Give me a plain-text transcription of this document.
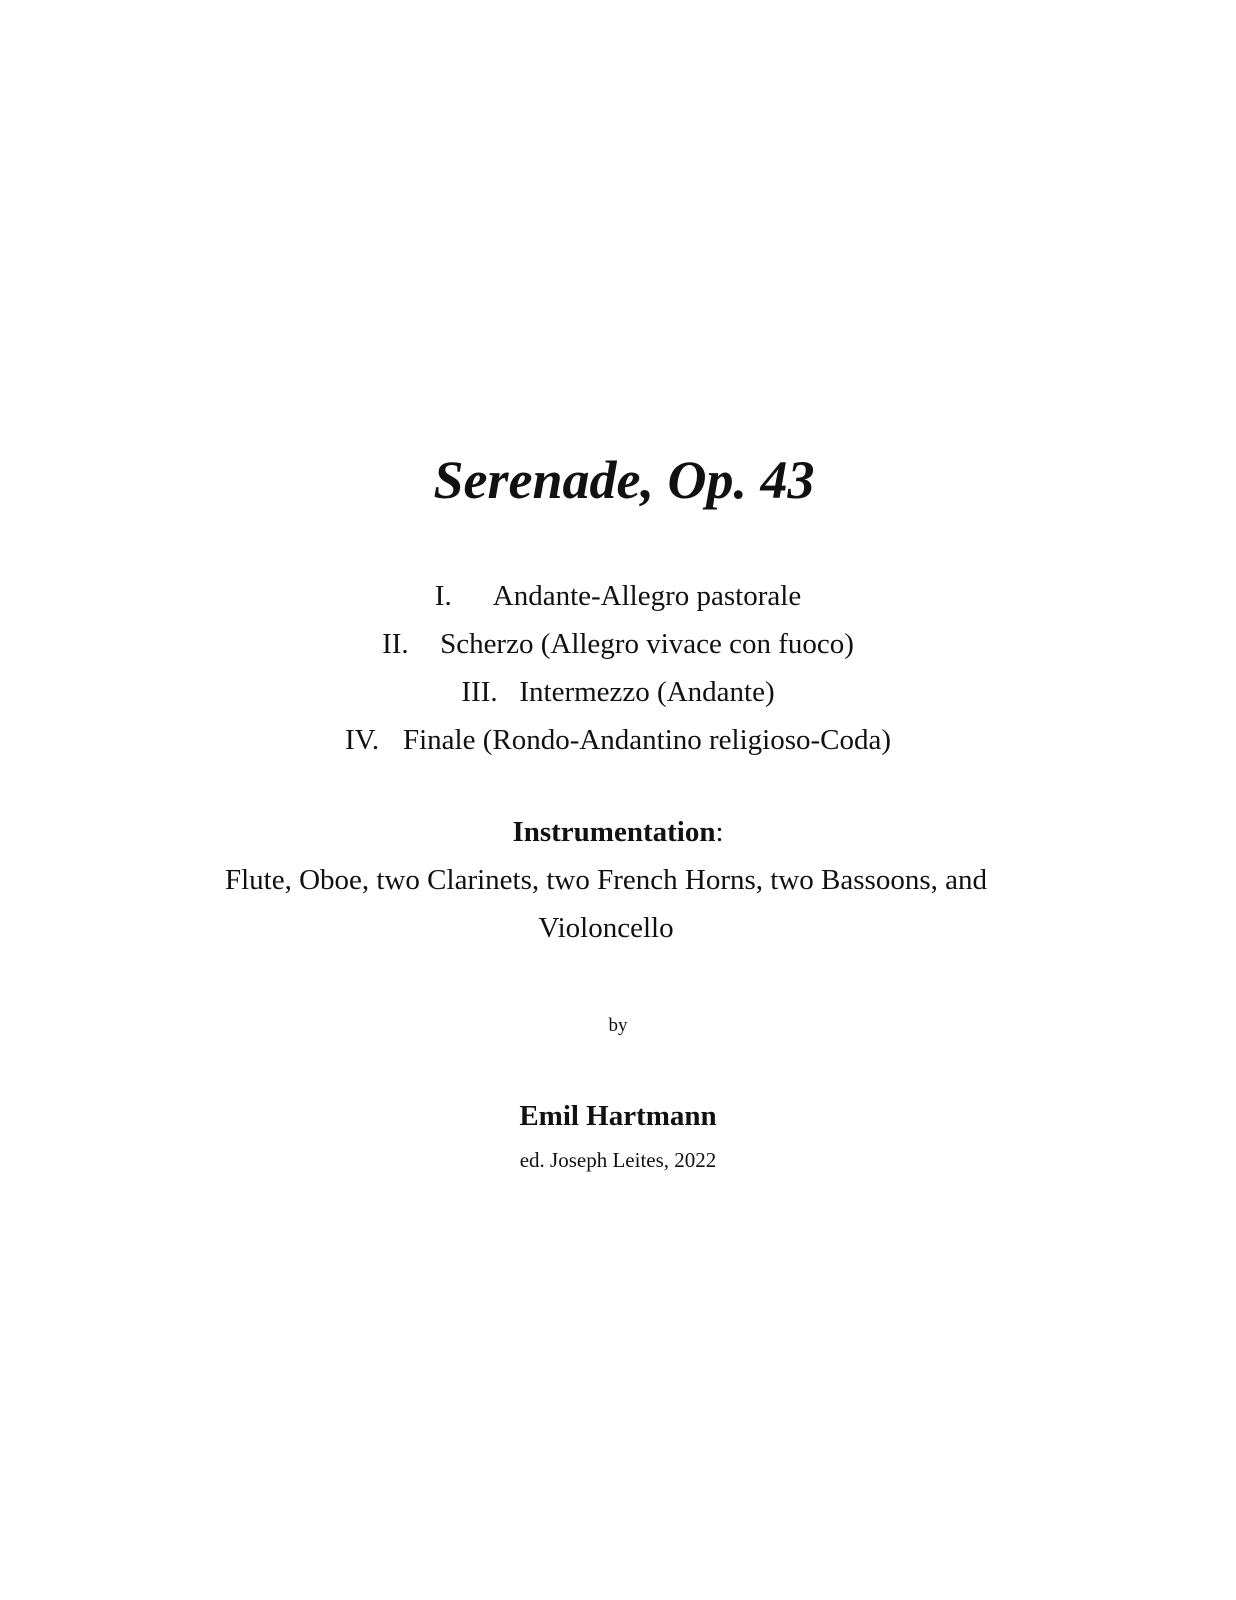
Serenade, Op. 43
I. Andante-Allegro pastorale
II. Scherzo (Allegro vivace con fuoco)
III. Intermezzo (Andante)
IV. Finale (Rondo-Andantino religioso-Coda)

Instrumentation:

Flute, Oboe, two Clarinets, two French Horns, two Bassoons, and Violoncello

by

Emil Hartmann

ed. Joseph Leites, 2022
